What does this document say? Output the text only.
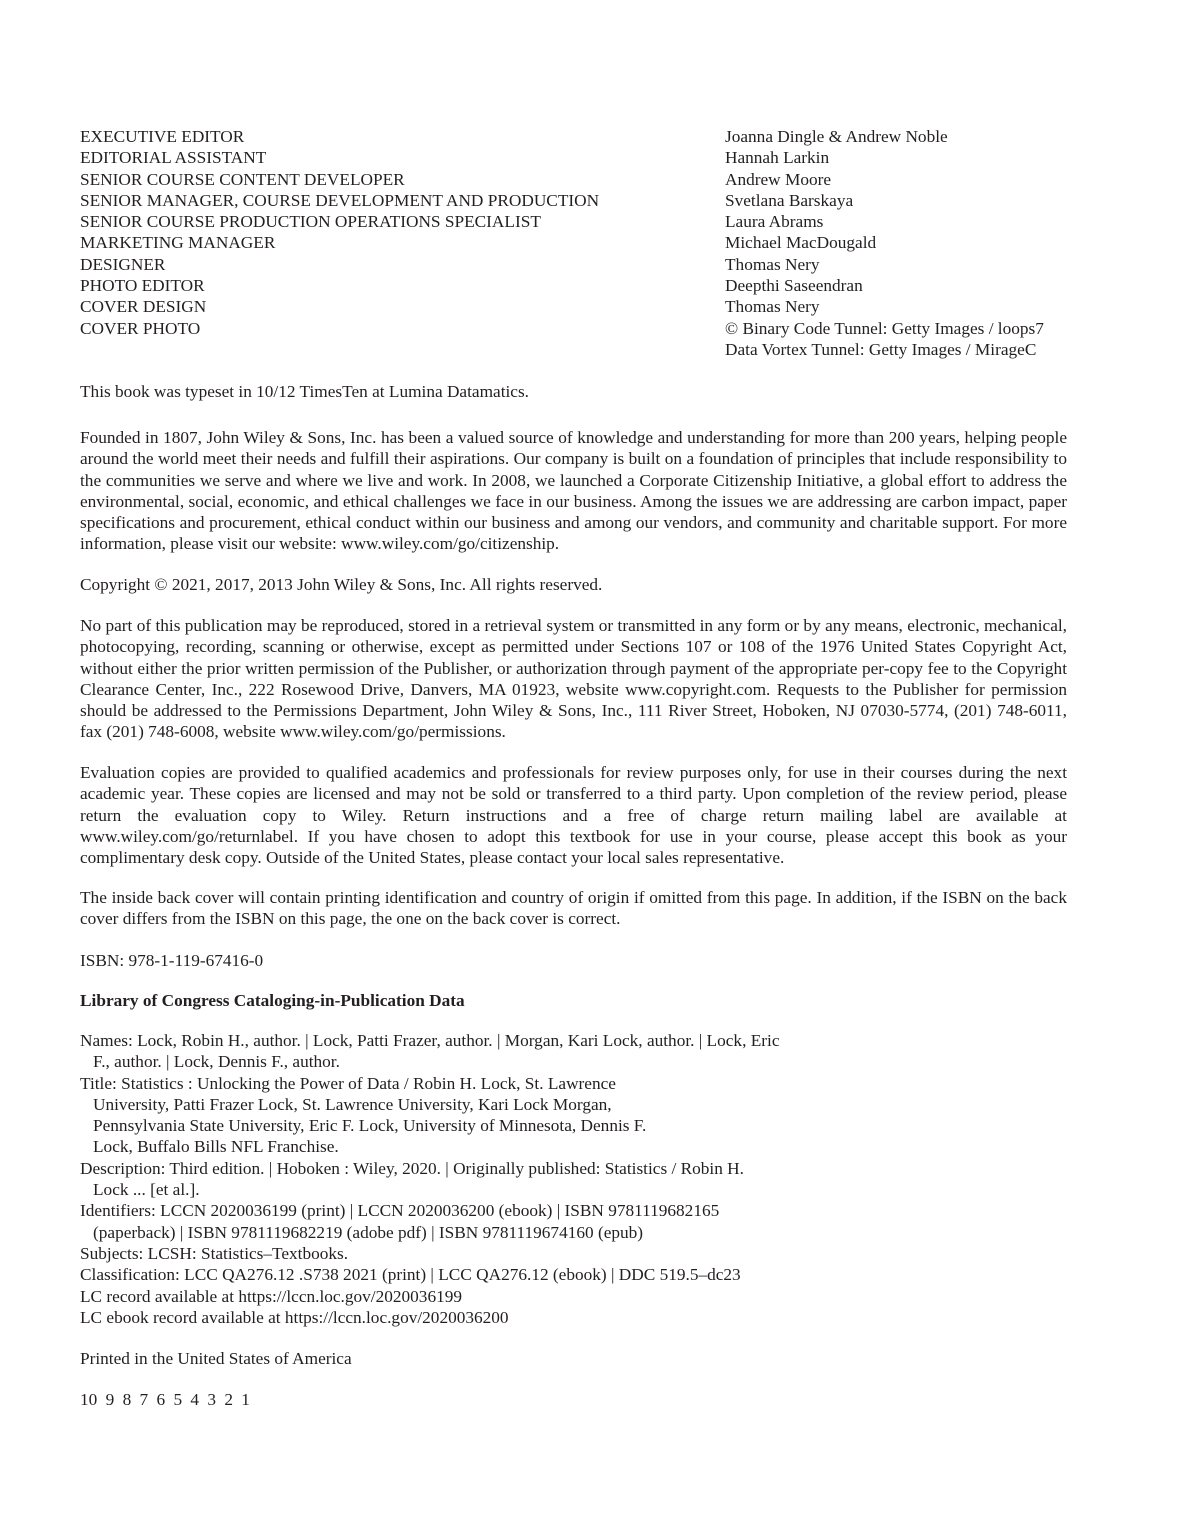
EXECUTIVE EDITOR	Joanna Dingle & Andrew Noble
EDITORIAL ASSISTANT	Hannah Larkin
SENIOR COURSE CONTENT DEVELOPER	Andrew Moore
SENIOR MANAGER, COURSE DEVELOPMENT AND PRODUCTION	Svetlana Barskaya
SENIOR COURSE PRODUCTION OPERATIONS SPECIALIST	Laura Abrams
MARKETING MANAGER	Michael MacDougald
DESIGNER	Thomas Nery
PHOTO EDITOR	Deepthi Saseendran
COVER DESIGN	Thomas Nery
COVER PHOTO	© Binary Code Tunnel: Getty Images / loops7
Data Vortex Tunnel: Getty Images / MirageC

This book was typeset in 10/12 TimesTen at Lumina Datamatics.

Founded in 1807, John Wiley & Sons, Inc. has been a valued source of knowledge and understanding for more than 200 years, helping people around the world meet their needs and fulfill their aspirations. Our company is built on a foundation of principles that include responsibility to the communities we serve and where we live and work. In 2008, we launched a Corporate Citizenship Initiative, a global effort to address the environmental, social, economic, and ethical challenges we face in our business. Among the issues we are addressing are carbon impact, paper specifications and procurement, ethical conduct within our business and among our vendors, and community and charitable support. For more information, please visit our website: www.wiley.com/go/citizenship.

Copyright © 2021, 2017, 2013 John Wiley & Sons, Inc. All rights reserved.

No part of this publication may be reproduced, stored in a retrieval system or transmitted in any form or by any means, electronic, mechanical, photocopying, recording, scanning or otherwise, except as permitted under Sections 107 or 108 of the 1976 United States Copyright Act, without either the prior written permission of the Publisher, or authorization through payment of the appropriate per-copy fee to the Copyright Clearance Center, Inc., 222 Rosewood Drive, Danvers, MA 01923, website www.copyright.com. Requests to the Publisher for permission should be addressed to the Permissions Department, John Wiley & Sons, Inc., 111 River Street, Hoboken, NJ 07030-5774, (201) 748-6011, fax (201) 748-6008, website www.wiley.com/go/permissions.

Evaluation copies are provided to qualified academics and professionals for review purposes only, for use in their courses during the next academic year. These copies are licensed and may not be sold or transferred to a third party. Upon completion of the review period, please return the evaluation copy to Wiley. Return instructions and a free of charge return mailing label are available at www.wiley.com/go/returnlabel. If you have chosen to adopt this textbook for use in your course, please accept this book as your complimentary desk copy. Outside of the United States, please contact your local sales representative.

The inside back cover will contain printing identification and country of origin if omitted from this page. In addition, if the ISBN on the back cover differs from the ISBN on this page, the one on the back cover is correct.

ISBN: 978-1-119-67416-0

Library of Congress Cataloging-in-Publication Data

Names: Lock, Robin H., author. | Lock, Patti Frazer, author. | Morgan, Kari Lock, author. | Lock, Eric F., author. | Lock, Dennis F., author.

Title: Statistics : Unlocking the Power of Data / Robin H. Lock, St. Lawrence University, Patti Frazer Lock, St. Lawrence University, Kari Lock Morgan, Pennsylvania State University, Eric F. Lock, University of Minnesota, Dennis F. Lock, Buffalo Bills NFL Franchise.

Description: Third edition. | Hoboken : Wiley, 2020. | Originally published: Statistics / Robin H. Lock ... [et al.].

Identifiers: LCCN 2020036199 (print) | LCCN 2020036200 (ebook) | ISBN 9781119682165 (paperback) | ISBN 9781119682219 (adobe pdf) | ISBN 9781119674160 (epub)

Subjects: LCSH: Statistics–Textbooks.

Classification: LCC QA276.12 .S738 2021 (print) | LCC QA276.12 (ebook) | DDC 519.5–dc23

LC record available at https://lccn.loc.gov/2020036199

LC ebook record available at https://lccn.loc.gov/2020036200

Printed in the United States of America

10 9 8 7 6 5 4 3 2 1
